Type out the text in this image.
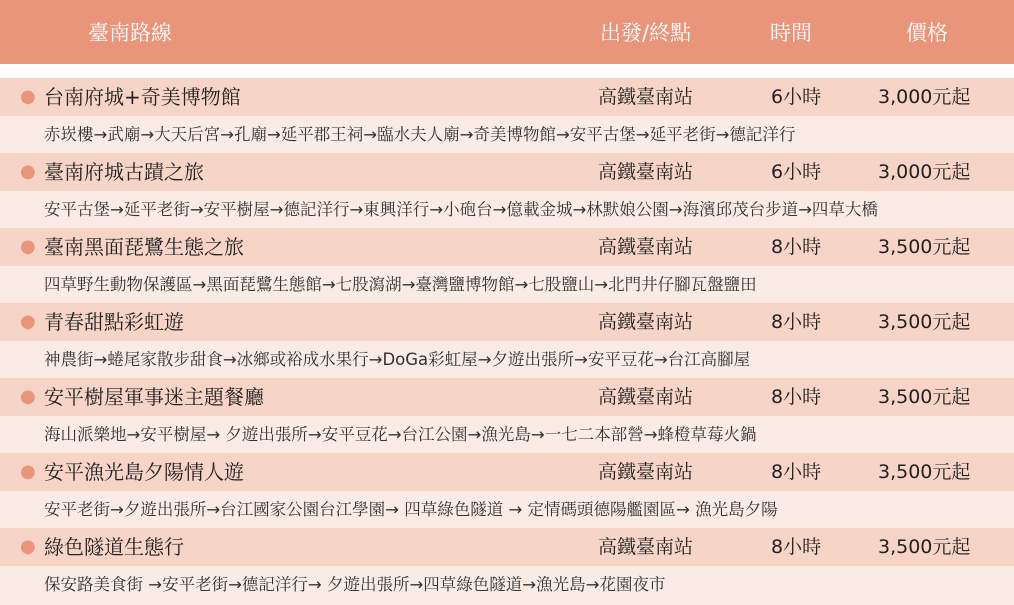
臺南路線	出發/終點	時間	價格
● 台南府城+奇美博物館	高鐵臺南站	6小時	3,000元起
赤崁樓→武廟→大天后宮→孔廟→延平郡王祠→臨水夫人廟→奇美博物館→安平古堡→延平老街→德記洋行
● 臺南府城古蹟之旅	高鐵臺南站	6小時	3,000元起
安平古堡→延平老街→安平樹屋→德記洋行→東興洋行→小砲台→億載金城→林默娘公園→海濱邱茂台步道→四草大橋
● 臺南黑面琵鷺生態之旅	高鐵臺南站	8小時	3,500元起
四草野生動物保護區→黑面琵鷺生態館→七股瀉湖→臺灣鹽博物館→七股鹽山→北門井仔腳瓦盤鹽田
● 青春甜點彩虹遊	高鐵臺南站	8小時	3,500元起
神農街→蜷尾家散步甜食→冰鄉或裕成水果行→DoGa彩虹屋→夕遊出張所→安平豆花→台江高腳屋
● 安平樹屋軍事迷主題餐廳	高鐵臺南站	8小時	3,500元起
海山派樂地→安平樹屋→ 夕遊出張所→安平豆花→台江公園→漁光島→一七二本部營→蜂橙草莓火鍋
● 安平漁光島夕陽情人遊	高鐵臺南站	8小時	3,500元起
安平老街→夕遊出張所→台江國家公園台江學園→ 四草綠色隧道 → 定情碼頭德陽艦園區→ 漁光島夕陽
● 綠色隧道生態行	高鐵臺南站	8小時	3,500元起
保安路美食街 →安平老街→德記洋行→ 夕遊出張所→四草綠色隧道→漁光島→花園夜市
